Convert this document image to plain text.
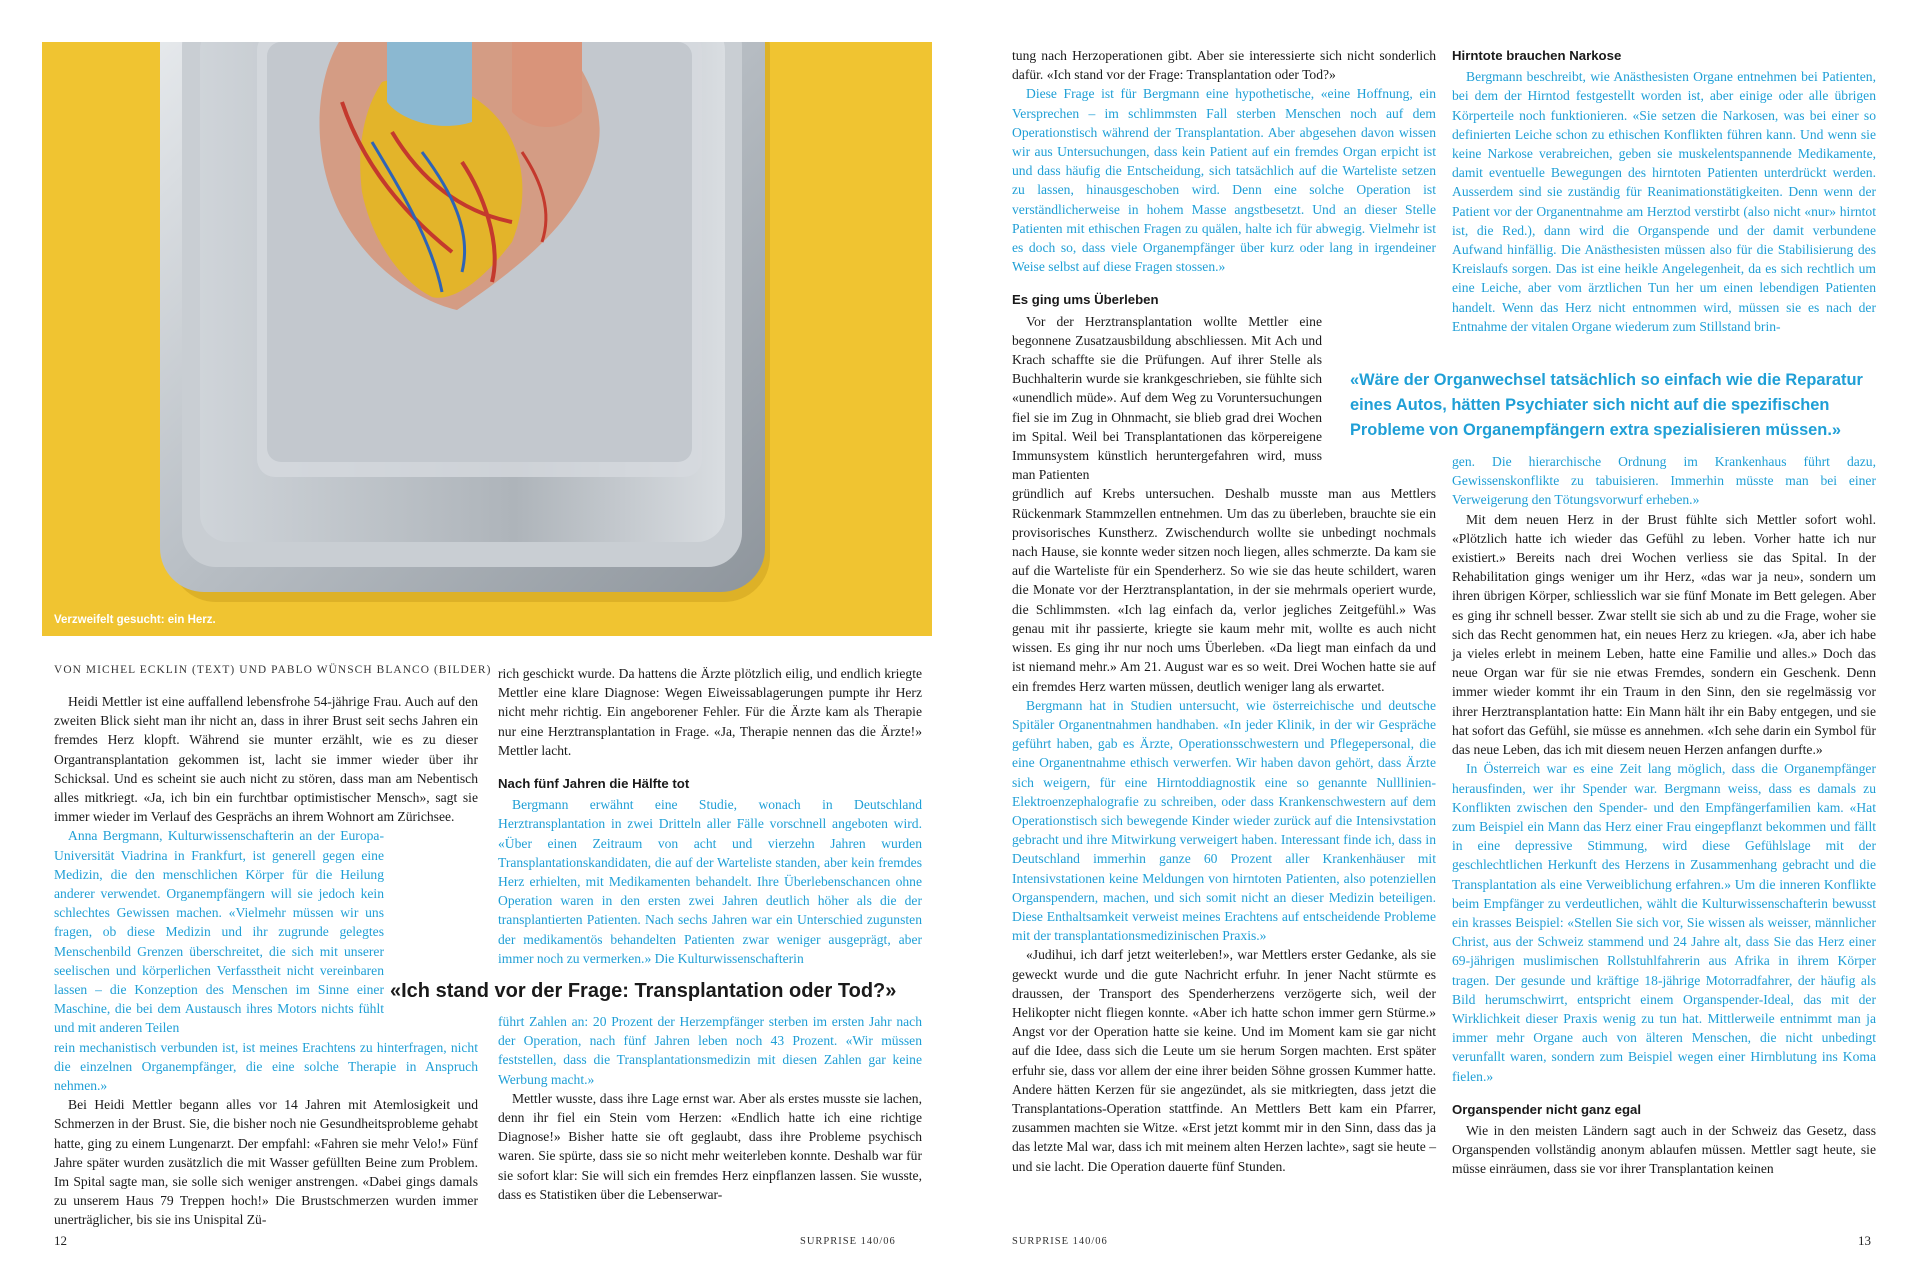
Verzweifelt gesucht: ein Herz.
VON MICHEL ECKLIN (TEXT) UND PABLO WÜNSCH BLANCO (BILDER)

Heidi Mettler ist eine auffallend lebensfrohe 54-jährige Frau. Auch auf den zweiten Blick sieht man ihr nicht an, dass in ihrer Brust seit sechs Jahren ein fremdes Herz klopft. Während sie munter erzählt, wie es zu dieser Organtransplantation gekommen ist, lacht sie immer wieder über ihr Schicksal. Und es scheint sie auch nicht zu stören, dass man am Nebentisch alles mitkriegt. «Ja, ich bin ein furchtbar optimistischer Mensch», sagt sie immer wieder im Verlauf des Gesprächs an ihrem Wohnort am Zürichsee.

Anna Bergmann, Kulturwissenschafterin an der Europa-Universität Viadrina in Frankfurt, ist generell gegen eine Medizin, die den menschlichen Körper für die Heilung anderer verwendet. Organempfängern will sie jedoch kein schlechtes Gewissen machen. «Vielmehr müssen wir uns fragen, ob diese Medizin und ihr zugrunde gelegtes Menschenbild Grenzen überschreitet, die sich mit unserer seelischen und körperlichen Verfasstheit nicht vereinbaren lassen – die Konzeption des Menschen im Sinne einer Maschine, die bei dem Austausch ihres Motors nichts fühlt und mit anderen Teilen

rein mechanistisch verbunden ist, ist meines Erachtens zu hinterfragen, nicht die einzelnen Organempfänger, die eine solche Therapie in Anspruch nehmen.»

Bei Heidi Mettler begann alles vor 14 Jahren mit Atemlosigkeit und Schmerzen in der Brust. Sie, die bisher noch nie Gesundheitsprobleme gehabt hatte, ging zu einem Lungenarzt. Der empfahl: «Fahren sie mehr Velo!» Fünf Jahre später wurden zusätzlich die mit Wasser gefüllten Beine zum Problem. Im Spital sagte man, sie solle sich weniger anstrengen. «Dabei gings damals zu unserem Haus 79 Treppen hoch!» Die Brustschmerzen wurden immer unerträglicher, bis sie ins Unispital Zü-

rich geschickt wurde. Da hattens die Ärzte plötzlich eilig, und endlich kriegte Mettler eine klare Diagnose: Wegen Eiweissablagerungen pumpte ihr Herz nicht mehr richtig. Ein angeborener Fehler. Für die Ärzte kam als Therapie nur eine Herztransplantation in Frage. «Ja, Therapie nennen das die Ärzte!» Mettler lacht.

Nach fünf Jahren die Hälfte tot

Bergmann erwähnt eine Studie, wonach in Deutschland Herztransplantation in zwei Dritteln aller Fälle vorschnell angeboten wird. «Über einen Zeitraum von acht und vierzehn Jahren wurden Transplantationskandidaten, die auf der Warteliste standen, aber kein fremdes Herz erhielten, mit Medikamenten behandelt. Ihre Überlebenschancen ohne Operation waren in den ersten zwei Jahren deutlich höher als die der transplantierten Patienten. Nach sechs Jahren war ein Unterschied zugunsten der medikamentös behandelten Patienten zwar weniger ausgeprägt, aber immer noch zu vermerken.» Die Kulturwissenschafterin

führt Zahlen an: 20 Prozent der Herzempfänger sterben im ersten Jahr nach der Operation, nach fünf Jahren leben noch 43 Prozent. «Wir müssen feststellen, dass die Transplantationsmedizin mit diesen Zahlen gar keine Werbung macht.»

Mettler wusste, dass ihre Lage ernst war. Aber als erstes musste sie lachen, denn ihr fiel ein Stein vom Herzen: «Endlich hatte ich eine richtige Diagnose!» Bisher hatte sie oft geglaubt, dass ihre Probleme psychisch waren. Sie spürte, dass sie so nicht mehr weiterleben konnte. Deshalb war für sie sofort klar: Sie will sich ein fremdes Herz einpflanzen lassen. Sie wusste, dass es Statistiken über die Lebenserwar-

«Ich stand vor der Frage: Transplantation oder Tod?»

tung nach Herzoperationen gibt. Aber sie interessierte sich nicht sonderlich dafür. «Ich stand vor der Frage: Transplantation oder Tod?»

Diese Frage ist für Bergmann eine hypothetische, «eine Hoffnung, ein Versprechen – im schlimmsten Fall sterben Menschen noch auf dem Operationstisch während der Transplantation. Aber abgesehen davon wissen wir aus Untersuchungen, dass kein Patient auf ein fremdes Organ erpicht ist und dass häufig die Entscheidung, sich tatsächlich auf die Warteliste setzen zu lassen, hinausgeschoben wird. Denn eine solche Operation ist verständlicherweise in hohem Masse angstbesetzt. Und an dieser Stelle Patienten mit ethischen Fragen zu quälen, halte ich für abwegig. Vielmehr ist es doch so, dass viele Organempfänger über kurz oder lang in irgendeiner Weise selbst auf diese Fragen stossen.»

Es ging ums Überleben

Vor der Herztransplantation wollte Mettler eine begonnene Zusatzausbildung abschliessen. Mit Ach und Krach schaffte sie die Prüfungen. Auf ihrer Stelle als Buchhalterin wurde sie krankgeschrieben, sie fühlte sich «unendlich müde». Auf dem Weg zu Voruntersuchungen fiel sie im Zug in Ohnmacht, sie blieb grad drei Wochen im Spital. Weil bei Transplantationen das körpereigene Immunsystem künstlich heruntergefahren wird, muss man Patienten

gründlich auf Krebs untersuchen. Deshalb musste man aus Mettlers Rückenmark Stammzellen entnehmen. Um das zu überleben, brauchte sie ein provisorisches Kunstherz. Zwischendurch wollte sie unbedingt nochmals nach Hause, sie konnte weder sitzen noch liegen, alles schmerzte. Da kam sie auf die Warteliste für ein Spenderherz. So wie sie das heute schildert, waren die Monate vor der Herztransplantation, in der sie mehrmals operiert wurde, die Schlimmsten. «Ich lag einfach da, verlor jegliches Zeitgefühl.» Was genau mit ihr passierte, kriegte sie kaum mehr mit, wollte es auch nicht wissen. Es ging ihr nur noch ums Überleben. «Da liegt man einfach da und ist niemand mehr.» Am 21. August war es so weit. Drei Wochen hatte sie auf ein fremdes Herz warten müssen, deutlich weniger lang als erwartet.

Bergmann hat in Studien untersucht, wie österreichische und deutsche Spitäler Organentnahmen handhaben. «In jeder Klinik, in der wir Gespräche geführt haben, gab es Ärzte, Operationsschwestern und Pflegepersonal, die eine Organentnahme ethisch verwerfen. Wir haben davon gehört, dass Ärzte sich weigern, für eine Hirntoddiagnostik eine so genannte Nulllinien-Elektroenzephalografie zu schreiben, oder dass Krankenschwestern auf dem Operationstisch sich bewegende Kinder wieder zurück auf die Intensivstation gebracht und ihre Mitwirkung verweigert haben. Interessant finde ich, dass in Deutschland immerhin ganze 60 Prozent aller Krankenhäuser mit Intensivstationen keine Meldungen von hirntoten Patienten, also potenziellen Organspendern, machen, und sich somit nicht an dieser Medizin beteiligen. Diese Enthaltsamkeit verweist meines Erachtens auf entscheidende Probleme mit der transplantationsmedizinischen Praxis.»

«Judihui, ich darf jetzt weiterleben!», war Mettlers erster Gedanke, als sie geweckt wurde und die gute Nachricht erfuhr. In jener Nacht stürmte es draussen, der Transport des Spenderherzens verzögerte sich, weil der Helikopter nicht fliegen konnte. «Aber ich hatte schon immer gern Stürme.» Angst vor der Operation hatte sie keine. Und im Moment kam sie gar nicht auf die Idee, dass sich die Leute um sie herum Sorgen machten. Erst später erfuhr sie, dass vor allem der eine ihrer beiden Söhne grossen Kummer hatte. Andere hätten Kerzen für sie angezündet, als sie mitkriegten, dass jetzt die Transplantations-Operation stattfinde. An Mettlers Bett kam ein Pfarrer, zusammen machten sie Witze. «Erst jetzt kommt mir in den Sinn, dass das ja das letzte Mal war, dass ich mit meinem alten Herzen lachte», sagt sie heute – und sie lacht. Die Operation dauerte fünf Stunden.

«Wäre der Organwechsel tatsächlich so einfach wie die Reparatur eines Autos, hätten Psychiater sich nicht auf die spezifischen Probleme von Organempfängern extra spezialisieren müssen.»

Hirntote brauchen Narkose

Bergmann beschreibt, wie Anästhesisten Organe entnehmen bei Patienten, bei dem der Hirntod festgestellt worden ist, aber einige oder alle übrigen Körperteile noch funktionieren. «Sie setzen die Narkosen, was bei einer so definierten Leiche schon zu ethischen Konflikten führen kann. Und wenn sie keine Narkose verabreichen, geben sie muskelentspannende Medikamente, damit eventuelle Bewegungen des hirntoten Patienten unterdrückt werden. Ausserdem sind sie zuständig für Reanimationstätigkeiten. Denn wenn der Patient vor der Organentnahme am Herztod verstirbt (also nicht «nur» hirntot ist, die Red.), dann wird die Organspende und der damit verbundene Aufwand hinfällig. Die Anästhesisten müssen also für die Stabilisierung des Kreislaufs sorgen. Das ist eine heikle Angelegenheit, da es sich rechtlich um eine Leiche, aber vom ärztlichen Tun her um einen lebendigen Patienten handelt. Wenn das Herz nicht entnommen wird, müssen sie es nach der Entnahme der vitalen Organe wiederum zum Stillstand brin-

gen. Die hierarchische Ordnung im Krankenhaus führt dazu, Gewissenskonflikte zu tabuisieren. Immerhin müsste man bei einer Verweigerung den Tötungsvorwurf erheben.»

Mit dem neuen Herz in der Brust fühlte sich Mettler sofort wohl. «Plötzlich hatte ich wieder das Gefühl zu leben. Vorher hatte ich nur existiert.» Bereits nach drei Wochen verliess sie das Spital. In der Rehabilitation gings weniger um ihr Herz, «das war ja neu», sondern um ihren übrigen Körper, schliesslich war sie fünf Monate im Bett gelegen. Aber es ging ihr schnell besser. Zwar stellt sie sich ab und zu die Frage, woher sie sich das Recht genommen hat, ein neues Herz zu kriegen. «Ja, aber ich habe ja vieles erlebt in meinem Leben, hatte eine Familie und alles.» Doch das neue Organ war für sie nie etwas Fremdes, sondern ein Geschenk. Denn immer wieder kommt ihr ein Traum in den Sinn, den sie regelmässig vor ihrer Herztransplantation hatte: Ein Mann hält ihr ein Baby entgegen, und sie hat sofort das Gefühl, sie müsse es annehmen. «Ich sehe darin ein Symbol für das neue Leben, das ich mit diesem neuen Herzen anfangen durfte.»

In Österreich war es eine Zeit lang möglich, dass die Organempfänger herausfinden, wer ihr Spender war. Bergmann weiss, dass es damals zu Konflikten zwischen den Spender- und den Empfängerfamilien kam. «Hat zum Beispiel ein Mann das Herz einer Frau eingepflanzt bekommen und fällt in eine depressive Stimmung, wird diese Gefühlslage mit der geschlechtlichen Herkunft des Herzens in Zusammenhang gebracht und die Transplantation als eine Verweiblichung erfahren.» Um die inneren Konflikte beim Empfänger zu verdeutlichen, wählt die Kulturwissenschafterin bewusst ein krasses Beispiel: «Stellen Sie sich vor, Sie wissen als weisser, männlicher Christ, aus der Schweiz stammend und 24 Jahre alt, dass Sie das Herz einer 69-jährigen muslimischen Rollstuhlfahrerin aus Afrika in ihrem Körper tragen. Der gesunde und kräftige 18-jährige Motorradfahrer, der häufig als Bild herumschwirrt, entspricht einem Organspender-Ideal, das mit der Wirklichkeit dieser Praxis wenig zu tun hat. Mittlerweile entnimmt man ja immer mehr Organe auch von älteren Menschen, die nicht unbedingt verunfallt waren, sondern zum Beispiel wegen einer Hirnblutung ins Koma fielen.»

Organspender nicht ganz egal

Wie in den meisten Ländern sagt auch in der Schweiz das Gesetz, dass Organspenden vollständig anonym ablaufen müssen. Mettler sagt heute, sie müsse einräumen, dass sie vor ihrer Transplantation keinen

12	SURPRISE 140/06	SURPRISE 140/06	13
